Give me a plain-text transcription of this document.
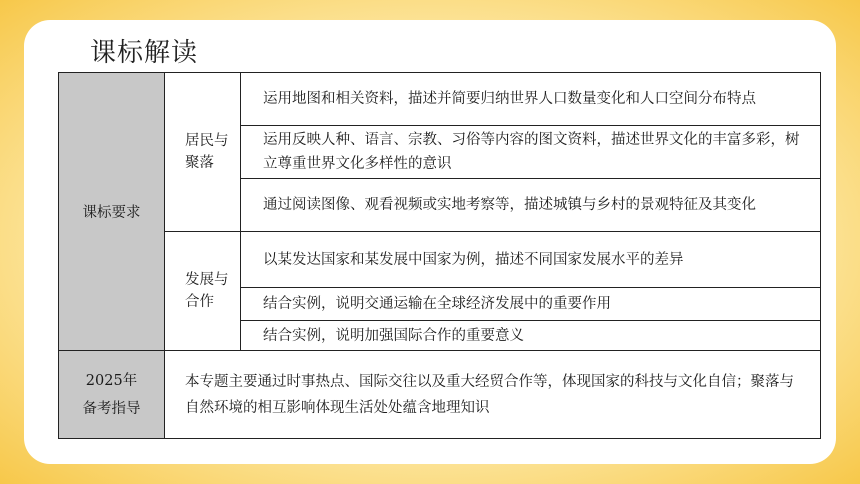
课标解读
课标要求	居民与聚落	运用地图和相关资料，描述并简要归纳世界人口数量变化和人口空间分布特点
		运用反映人种、语言、宗教、习俗等内容的图文资料，描述世界文化的丰富多彩，树立尊重世界文化多样性的意识
		通过阅读图像、观看视频或实地考察等，描述城镇与乡村的景观特征及其变化
	发展与合作	以某发达国家和某发展中国家为例，描述不同国家发展水平的差异
		结合实例，说明交通运输在全球经济发展中的重要作用
		结合实例，说明加强国际合作的重要意义

2025年
备考指导	本专题主要通过时事热点、国际交往以及重大经贸合作等，体现国家的科技与文化自信；聚落与自然环境的相互影响体现生活处处蕴含地理知识	
